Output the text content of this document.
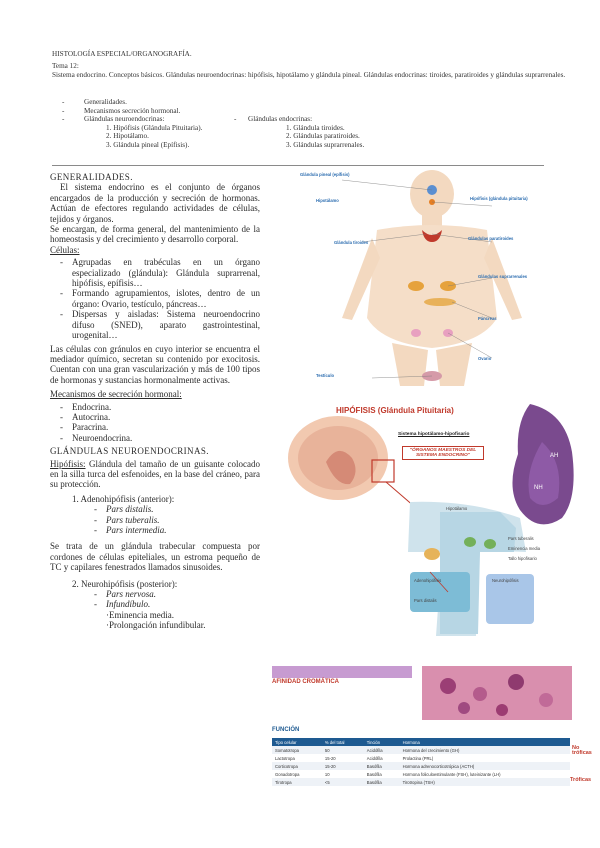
HISTOLOGÍA ESPECIAL/ORGANOGRAFÍA.

Tema 12:

Sistema endocrino. Conceptos básicos. Glándulas neuroendocrinas: hipófisis, hipotálamo y glándula pineal. Glándulas endocrinas: tiroides, paratiroides y glándulas suprarrenales.

-	Generalidades.
-	Mecanismos secreción hormonal.
-	Glándulas neuroendocrinas:	-	Glándulas endocrinas:
1. Hipófisis (Glándula Pituitaria).	1. Glándula tiroides.
2. Hipotálamo.	2. Glándulas paratiroides.
3. Glándula pineal (Epífisis).	3. Glándulas suprarrenales.

GENERALIDADES.

El sistema endocrino es el conjunto de órganos encargados de la producción y secreción de hormonas. Actúan de efectores regulando actividades de células, tejidos y órganos.

Se encargan, de forma general, del mantenimiento de la homeostasis y del crecimiento y desarrollo corporal.

Células:

-	Agrupadas en trabéculas en un órgano especializado (glándula): Glándula suprarrenal, hipófisis, epífisis…
-	Formando agrupamientos, islotes, dentro de un órgano: Ovario, testículo, páncreas…
-	Dispersas y aisladas: Sistema neuroendocrino difuso (SNED), aparato gastrointestinal, urogenital…

Las células con gránulos en cuyo interior se encuentra el mediador químico, secretan su contenido por exocitosis. Cuentan con una gran vascularización y más de 100 tipos de hormonas y sustancias hormonalmente activas.

Mecanismos de secreción hormonal:

-	Endocrina.
-	Autocrina.
-	Paracrina.
-	Neuroendocrina.

GLÁNDULAS NEUROENDOCRINAS.

Hipófisis: Glándula del tamaño de un guisante colocado en la silla turca del esfenoides, en la base del cráneo, para su protección.

1. Adenohipófisis (anterior):

-	Pars distalis.
-	Pars tuberalis.
-	Pars intermedia.

Se trata de un glándula trabecular compuesta por cordones de células epiteliales, un estroma pequeño de TC y capilares fenestrados llamados sinusoides.

2. Neurohipófisis (posterior):

-	Pars nervosa.
-	Infundíbulo.
·Eminencia media.
·Prolongación infundibular.
Glándula pineal (epífisis)
Hipotálamo	Hipófisis (glándula pituitaria)
Glándula tiroides
Glándulas paratiroides
Glándulas suprarrenales
Páncreas
Ovario
Testículo
HIPÓFISIS (Glándula Pituitaria)
Sistema hipotálamo-hipofisario
"ÓRGANOS MAESTROS DEL SISTEMA ENDOCRINO"
Hipotálamo
Adenohipófisis	Neurohipófisis
Pars distalis
Pars tuberalis
Eminencia media
Tallo hipofisario
AH
NH
AFINIDAD CROMÁTICA
FUNCIÓN
Tipo celular	% del total	Tinción	Hormona
Somatotropa	50	Acidófila	Hormona del crecimiento (GH)
Lactotropa	15-20	Acidófila	Prolactina (PRL)
Corticotropa	15-20	Basófila	Hormona adrenocorticotrópica (ACTH)
Gonadotropa	10	Basófila	Hormona foliculoestimulante (FSH), luteinizante (LH)
Tirotropa	<5	Basófila	Tirotropina (TSH)
No tróficas
Tróficas
